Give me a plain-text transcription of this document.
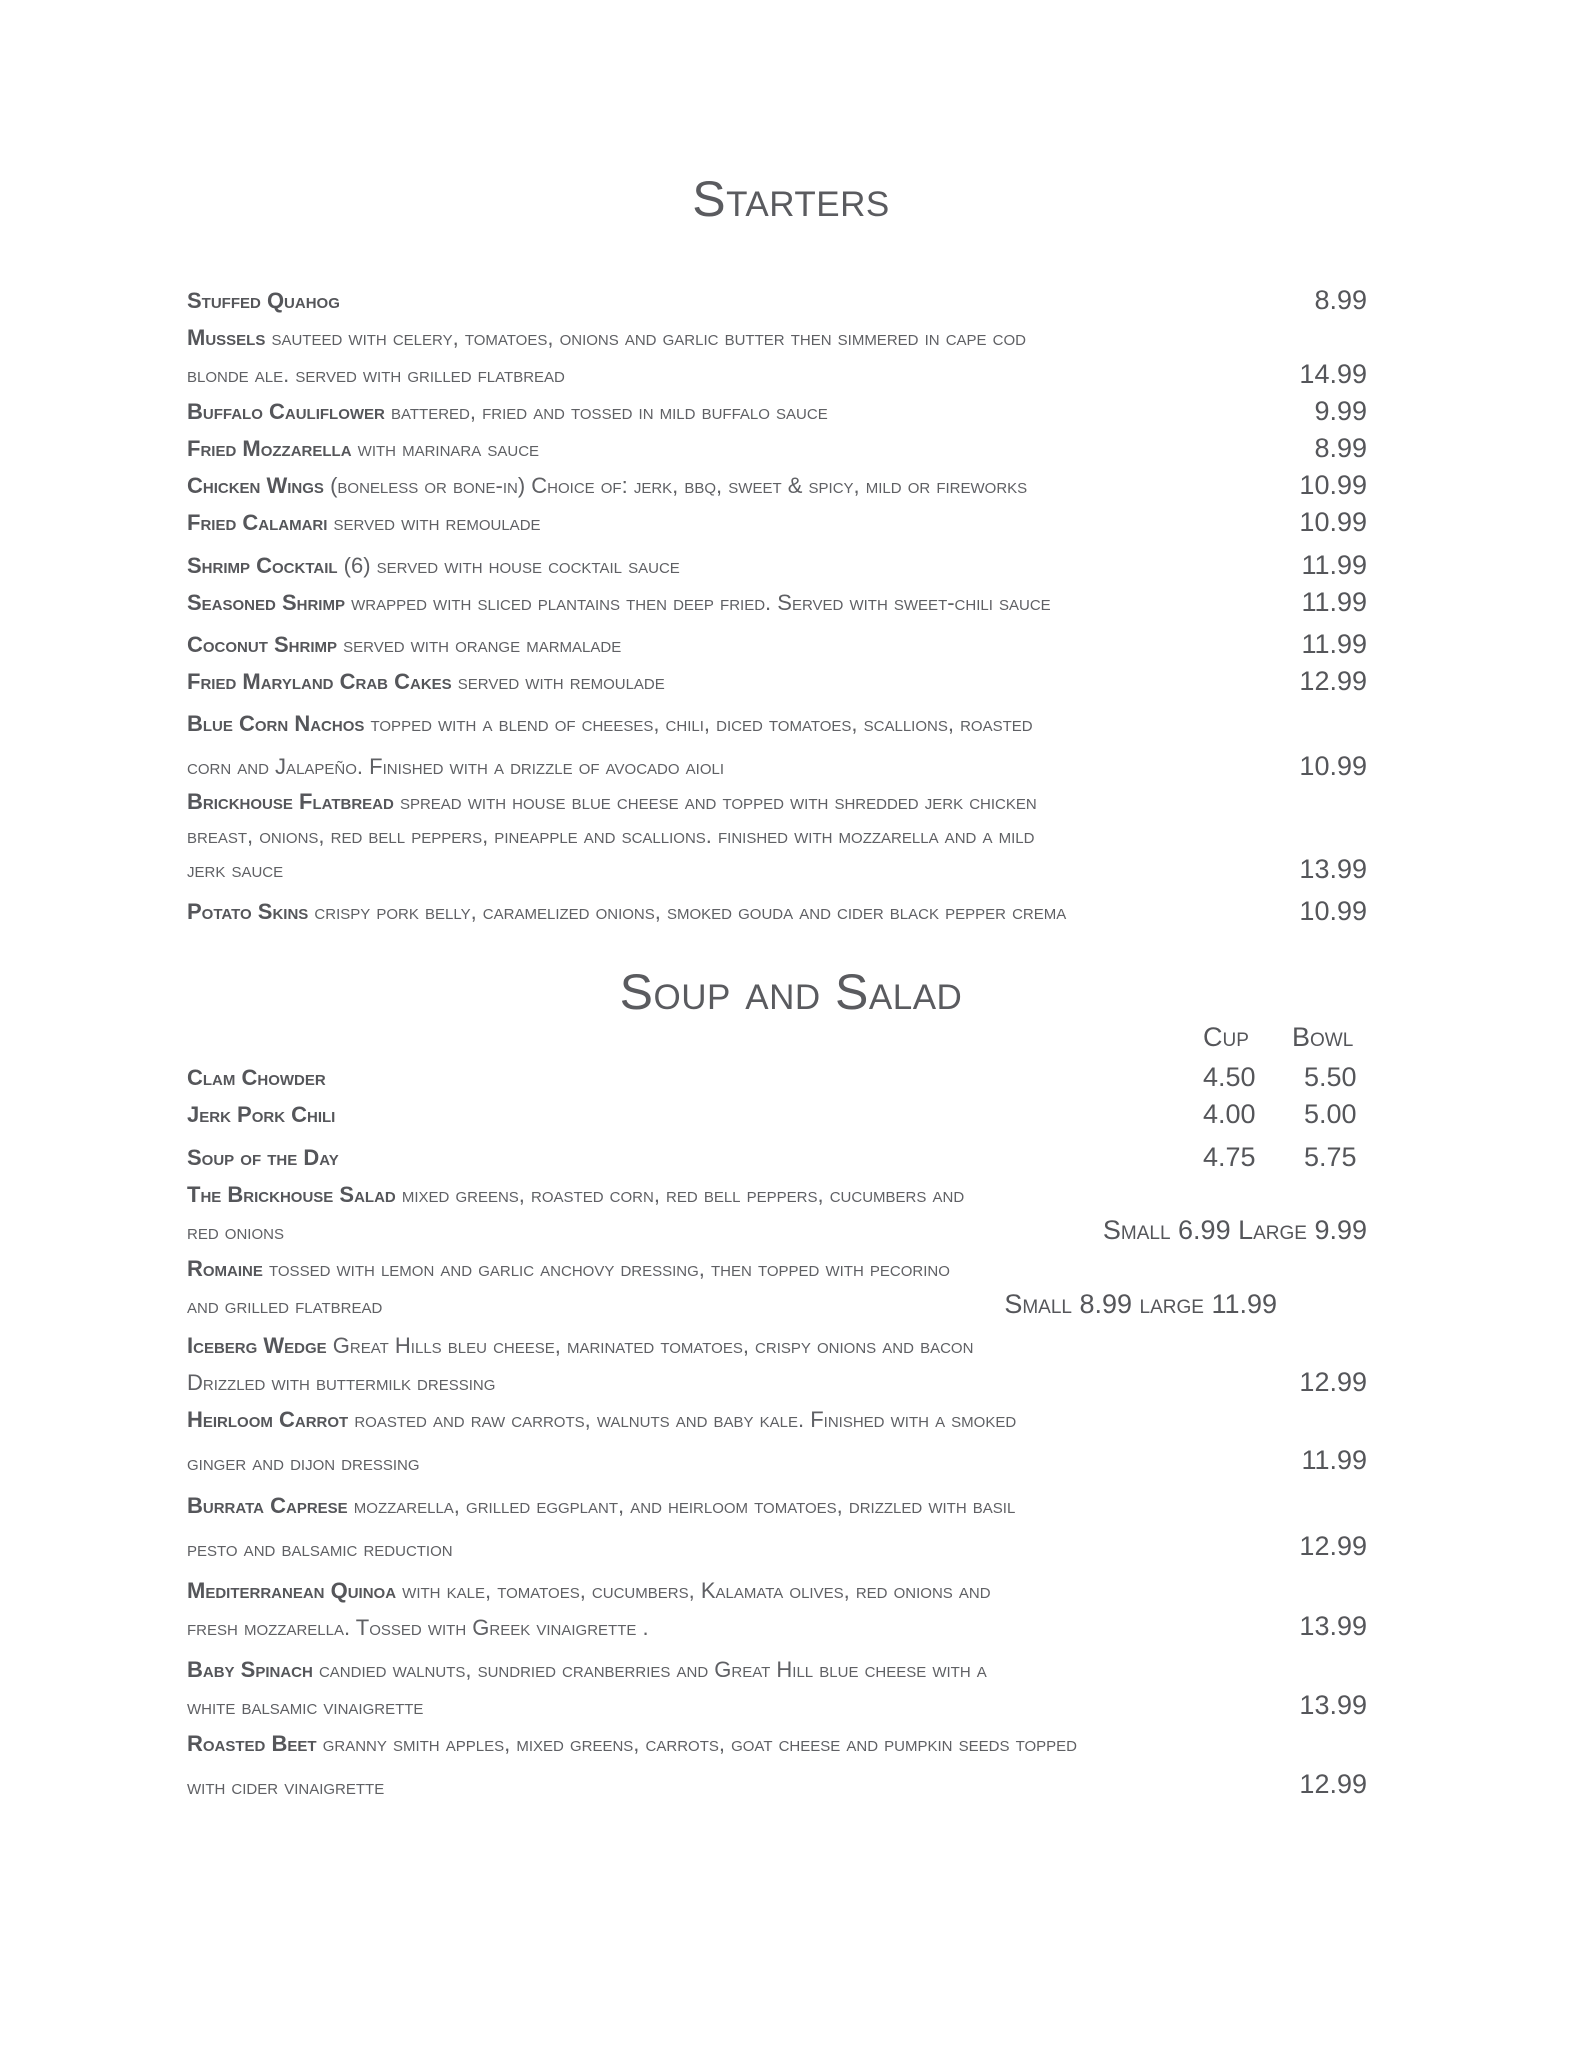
Starters
Stuffed Quahog	8.99
Mussels sauteed with celery, tomatoes, onions and garlic butter then simmered in cape cod
blonde ale. served with grilled flatbread	14.99
Buffalo Cauliflower battered, fried and tossed in mild buffalo sauce	9.99
Fried Mozzarella with marinara sauce	8.99
Chicken Wings (boneless or bone-in) Choice of: jerk, bbq, sweet & spicy, mild or fireworks	10.99
Fried Calamari served with remoulade	10.99
Shrimp Cocktail (6) served with house cocktail sauce	11.99
Seasoned Shrimp wrapped with sliced plantains then deep fried. Served with sweet-chili sauce	11.99
Coconut Shrimp served with orange marmalade	11.99
Fried Maryland Crab Cakes served with remoulade	12.99
Blue Corn Nachos topped with a blend of cheeses, chili, diced tomatoes, scallions, roasted
corn and Jalapeño. Finished with a drizzle of avocado aioli	10.99
Brickhouse Flatbread spread with house blue cheese and topped with shredded jerk chicken
breast, onions, red bell peppers, pineapple and scallions. finished with mozzarella and a mild
jerk sauce	13.99
Potato Skins crispy pork belly, caramelized onions, smoked gouda and cider black pepper crema	10.99
Soup and Salad
Cup Bowl
Clam Chowder	4.50 5.50
Jerk Pork Chili	4.00 5.00
Soup of the Day	4.75 5.75
The Brickhouse Salad mixed greens, roasted corn, red bell peppers, cucumbers and
red onions	Small 6.99 Large 9.99
Romaine tossed with lemon and garlic anchovy dressing, then topped with pecorino
and grilled flatbread	Small 8.99 large 11.99
Iceberg Wedge Great Hills bleu cheese, marinated tomatoes, crispy onions and bacon
Drizzled with buttermilk dressing	12.99
Heirloom Carrot roasted and raw carrots, walnuts and baby kale. Finished with a smoked
ginger and dijon dressing	11.99
Burrata Caprese mozzarella, grilled eggplant, and heirloom tomatoes, drizzled with basil
pesto and balsamic reduction	12.99
Mediterranean Quinoa with kale, tomatoes, cucumbers, Kalamata olives, red onions and
fresh mozzarella. Tossed with Greek vinaigrette .	13.99
Baby Spinach candied walnuts, sundried cranberries and Great Hill blue cheese with a
white balsamic vinaigrette	13.99
Roasted Beet granny smith apples, mixed greens, carrots, goat cheese and pumpkin seeds topped
with cider vinaigrette	12.99
